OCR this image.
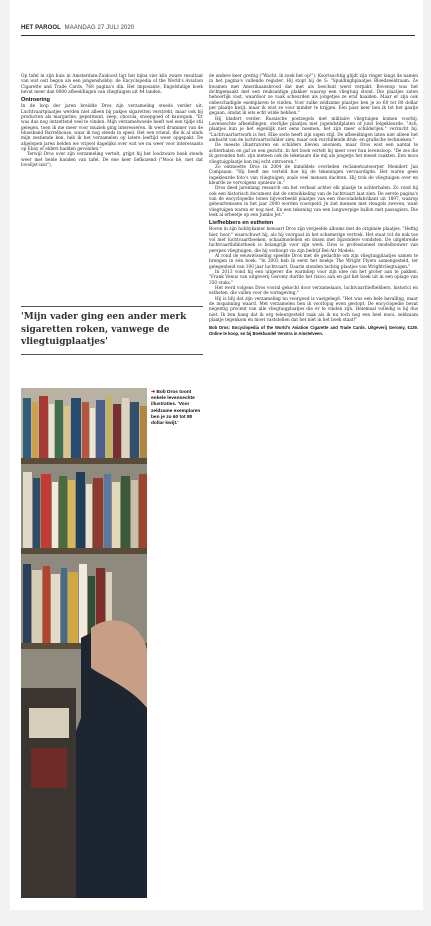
HET PAROOL MAANDAG 27 JULI 2020

Op tafel in zijn huis in Amsterdam-Zuidoost ligt het bijna vier kilo zware resultaat van wat ooit begon als een jongenshobby: de Encyclopedia of the World's Aviation Cigarette and Trade Cards, 768 pagina's dik. Het imposante, Engelstalige boek bevat meer dan 8000 afbeeldingen van vliegtuigen uit 44 landen.

Ontroering

In de loop der jaren breidde Dros zijn verzameling steeds verder uit. Luchtvaartplaatjes werden niet alleen bij pakjes sigaretten verstrekt, maar ook bij producten als margarine, pepermunt, zeep, chocola, snoepgoed of kauwgum. "Er was dus nog ontzettend veel te vinden. Mijn verzamelwoede heeft wel een tijdje stil gelegen, toen ik me meer voor muziek ging interesseren. Ik werd drummer van de bluesband Barrelhouse, waar ik nog steeds in speel. Het een vriend, die ik al sinds mijn zestiende ken, heb ik het verzamelen op latere leeftijd weer opgepakt. De afgelopen jaren belden we vrijwel dagelijks over wat we nu weer voor interessants op Ebay of elders hadden gevonden."

Terwijl Dros over zijn verzameling vertelt, grijpt hij het loodzware boek steeds weer met beide handen van tafel. De ene keer liefkozend ("Mooi hè, met dat lovelijst-ixin"),

'Mijn vader ging een ander merk sigaretten roken, vanwege de vliegtuigplaatjes'
➜ Bob Dros toont enkele levensechte illustraties. 'Voor zeldzame exemplaren ben je zo 60 tot 80 dollar kwijt.'

de andere keer grettig ("Wacht, ik zoek het op!"). Koortsachtig glijdt zijn vinger langs de namen in het pagina's vullende register. Hij stopt bij de S: "Spuldinghplaatjes Bloedzeeldraam. Ze kwamen met Amerikaansbrood dat met als beschuit werd verpakt. Bovenop was het dichtgemaakt met een reuksantige plakker waarop een vliegtuig stond. Die plaatjes zaten behoorlijk vast, waardoor ze vaak scheurden als jongetjes ze eraf haalden. Maar er zijn ook onbeschadigde exemplaren te vinden. Voor zulke zeldzame plaatjes ben je zo 60 tot 80 dollar per plaatje kwijt, maar ik wist ze voor minder te krijgen. Een paar keer ben ik tot het gaatje gegaan, omdat ik iets echt wilde hebben."

Hij bladert verder. Russische postzegels met militaire vliegtuigen komen voorbij. Levensechte afbeeldingen, sterlijke plaatjes met jugendstilplaten of juist felgekleurde. "Ach, plaatjes kun je het eigenlijk niet eens noemen, het zijn meer schilderijen," verzucht hij. "Luchtvaartartwork is het. Elke serie heeft zijn eigen stijl. De afbeeldingen laten niet alleen het ambacht van de luchtvaartschilder zien, maar ook vurchillende druk- en grafische technieken."

De meeste illustratoren en schilders bleven anoniem, maar Dros wist een aantal te achterhalen en gaf ze een gezicht. In het boek vertelt hij meer over hun levensloop. "De zes die ik gevonden heb, zijn meteen ook de tekenaars die mij als jongetje het meest raakten. Een mooi vliegtuigplaatje kon mij echt ontroeren."

Zo ontmoette Dros in 2004 de inmiddels overleden reclametoatwerper Meindert Jan Compsaan. "Hij heeft me verteld hoe hij de tekeningen vervaardigde. Het waren geen ingekleurde foto's van vliegtuigen, zoals veel mensen dachten. Hij trok de vliegtuigen over en kleurde ze vervolgens opnieuw in."

Dros deed jarenlang research om het verhaal achter elk plaatje te achterhalen. Zo vond hij ook een historisch document dat de ontwikkeling van de luchtvaart laat zien. De eerste pagina's van de encyclopedie tonen bijvoorbeeld plaatjes van een chocoladefabrikant uit 1897, waarop gebeurtenissen in het jaar 2000 worden voorspeld. Je ziet mensen met vleugels zweven, want vliegtuigen waren er nog niet. En een tekening van een langwerpige ballon met passagiers. Die leek al erbeetje op een Jumbo Jet."

Liefhebbers en estheten

Boven in zijn hobbykamer bewaart Dros zijn vergeelde albums met de originele plaatjes. "Heftig hier, hoor," waarschuwt hij, als hij voorgaat in het schemerige vertrek. Het staat tot de nok toe vol met luchtvaartboeken, schaalmodellen en dozen met bijzondere vondsten. De uitgebreide luchtvaartbibliotheek is belangrijk voor zijn werk. Dros is professioneel modelbouwer van perspex vliegtuigen, die hij verkoopt via zijn bedrijf Bel-Air Models.

Al rond de eeuwwisseling speelde Dros met de gedachte om zijn vliegtuigplaatjes samen te brengen in één boek. "In 2003 heb ik eerst het boekje The Wright Flyers samengesteld, ter gelegenheid van 100 jaar luchtvaart. Daarin stonden tachtig plaatjes van Wrightvliegtuigen."

In 2013 vond hij een uitgever die warmliep voor zijn idee om het groter aan te pakken. "Frank Venus van uitgeverij Geromy durfde het risico aan en gaf het boek uit in een oplage van 350 stuks."

Het werd volgens Dros vooral gekocht door verzamelaars, luchtvaartliefhebbers, historici en estheten, die vallen voor de vormgeving."

Hij is blij dat zijn verzameling nu voorgoed is vastgelegd. "Het was een hele bevalling, maar de inspanning waard. Met verzamelen ben ik voorlopig even gestopt. De encyclopedie bevat negentig procent van alle vliegtuigplaatjes die er te vinden zijn. Helemaal volledig is hij dus niet. Ik ben bang dat ik erg teleurgesteld raak als ik nu toch nog een heel mooi, zeldzaam plaatje tegenkom en moet vaststellen dat het niet in het boek staat!"

Bob Dros: Encyclopedia of the World's Aviation Cigarette and Trade Cards. Uitgeverij Geromy, €139. Online te koop, en bij Boekhandel Venstra in Amstelveen.
